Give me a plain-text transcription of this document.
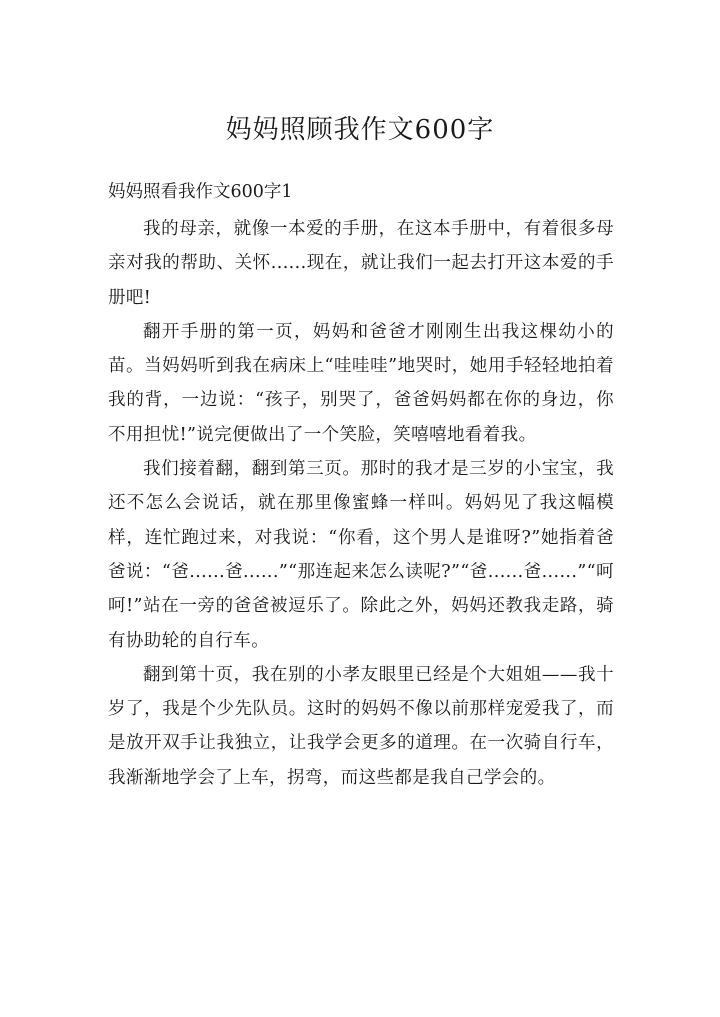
妈妈照顾我作文600字

妈妈照看我作文600字1

我的母亲，就像一本爱的手册，在这本手册中，有着很多母亲对我的帮助、关怀......现在，就让我们一起去打开这本爱的手册吧!

翻开手册的第一页，妈妈和爸爸才刚刚生出我这棵幼小的苗。当妈妈听到我在病床上“哇哇哇”地哭时，她用手轻轻地拍着我的背，一边说：“孩子，别哭了，爸爸妈妈都在你的身边，你不用担忧!”说完便做出了一个笑脸，笑嘻嘻地看着我。

我们接着翻，翻到第三页。那时的我才是三岁的小宝宝，我还不怎么会说话，就在那里像蜜蜂一样叫。妈妈见了我这幅模样，连忙跑过来，对我说：“你看，这个男人是谁呀?”她指着爸爸说：“爸......爸......”“那连起来怎么读呢?”“爸......爸......”“呵呵!”站在一旁的爸爸被逗乐了。除此之外，妈妈还教我走路，骑有协助轮的自行车。

翻到第十页，我在别的小孝友眼里已经是个大姐姐——我十岁了，我是个少先队员。这时的妈妈不像以前那样宠爱我了，而是放开双手让我独立，让我学会更多的道理。在一次骑自行车，我渐渐地学会了上车，拐弯，而这些都是我自己学会的。
